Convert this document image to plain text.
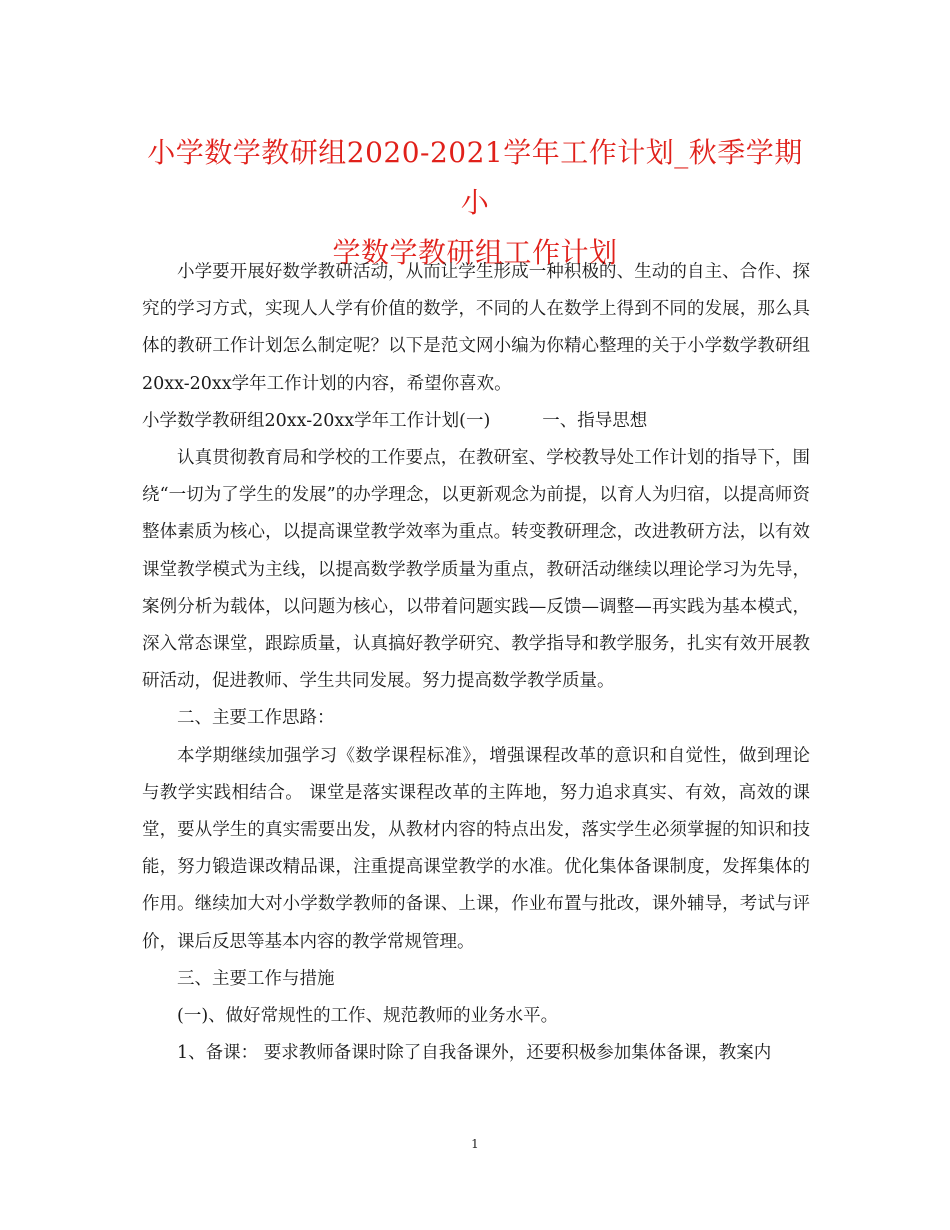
小学数学教研组2020-2021学年工作计划_秋季学期小
学数学教研组工作计划

小学要开展好数学教研活动，从而让学生形成一种积极的、生动的自主、合作、探究的学习方式，实现人人学有价值的数学，不同的人在数学上得到不同的发展，那么具体的教研工作计划怎么制定呢？以下是范文网小编为你精心整理的关于小学数学教研组20xx-20xx学年工作计划的内容，希望你喜欢。

小学数学教研组20xx-20xx学年工作计划(一)	一、指导思想

认真贯彻教育局和学校的工作要点，在教研室、学校教导处工作计划的指导下，围绕“一切为了学生的发展”的办学理念，以更新观念为前提，以育人为归宿，以提高师资整体素质为核心，以提高课堂教学效率为重点。转变教研理念，改进教研方法，以有效课堂教学模式为主线，以提高数学教学质量为重点，教研活动继续以理论学习为先导，案例分析为载体，以问题为核心，以带着问题实践—反馈—调整—再实践为基本模式，深入常态课堂，跟踪质量，认真搞好教学研究、教学指导和教学服务，扎实有效开展教研活动，促进教师、学生共同发展。努力提高数学教学质量。

二、主要工作思路：

本学期继续加强学习《数学课程标准》，增强课程改革的意识和自觉性，做到理论与教学实践相结合。 课堂是落实课程改革的主阵地，努力追求真实、有效，高效的课堂，要从学生的真实需要出发，从教材内容的特点出发，落实学生必须掌握的知识和技能，努力锻造课改精品课，注重提高课堂教学的水准。优化集体备课制度，发挥集体的作用。继续加大对小学数学教师的备课、上课，作业布置与批改，课外辅导，考试与评价，课后反思等基本内容的教学常规管理。

三、主要工作与措施

(一)、做好常规性的工作、规范教师的业务水平。

1、备课： 要求教师备课时除了自我备课外，还要积极参加集体备课，教案内

1
